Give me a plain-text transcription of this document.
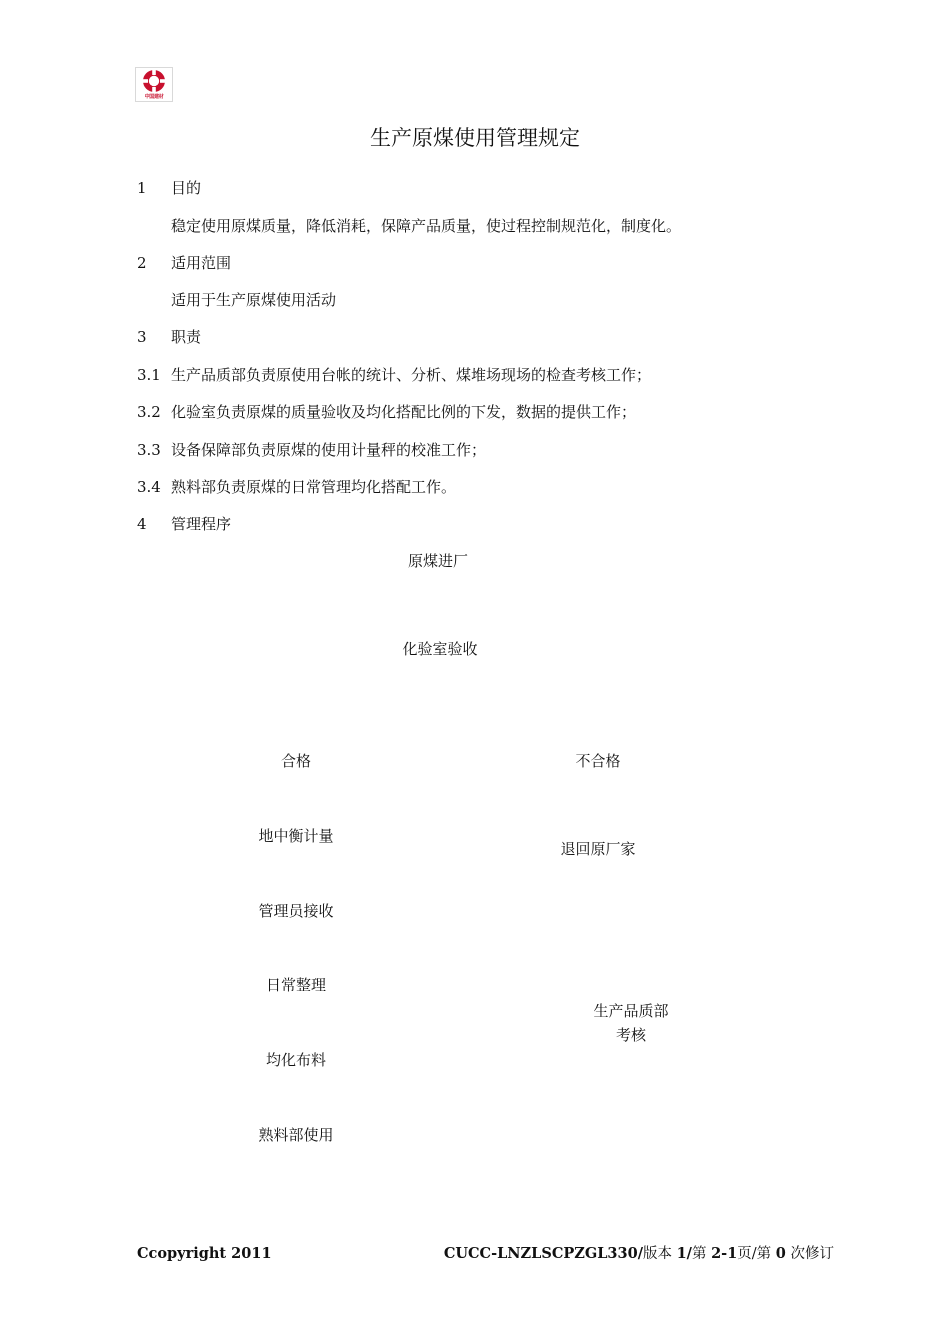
中国建材
生产原煤使用管理规定
1 目的
稳定使用原煤质量，降低消耗，保障产品质量，使过程控制规范化，制度化。
2 适用范围
适用于生产原煤使用活动
3 职责
3.1 生产品质部负责原使用台帐的统计、分析、煤堆场现场的检查考核工作；
3.2 化验室负责原煤的质量验收及均化搭配比例的下发，数据的提供工作；
3.3 设备保障部负责原煤的使用计量秤的校准工作；
3.4 熟料部负责原煤的日常管理均化搭配工作。
4 管理程序
原煤进厂
化验室验收
合格	不合格
地中衡计量
退回原厂家
管理员接收
日常整理
生产品质部
考核
均化布料
熟料部使用
Ccopyright 2011	CUCC-LNZLSCPZGL330/版本 1/第 2-1页/第 0 次修订
